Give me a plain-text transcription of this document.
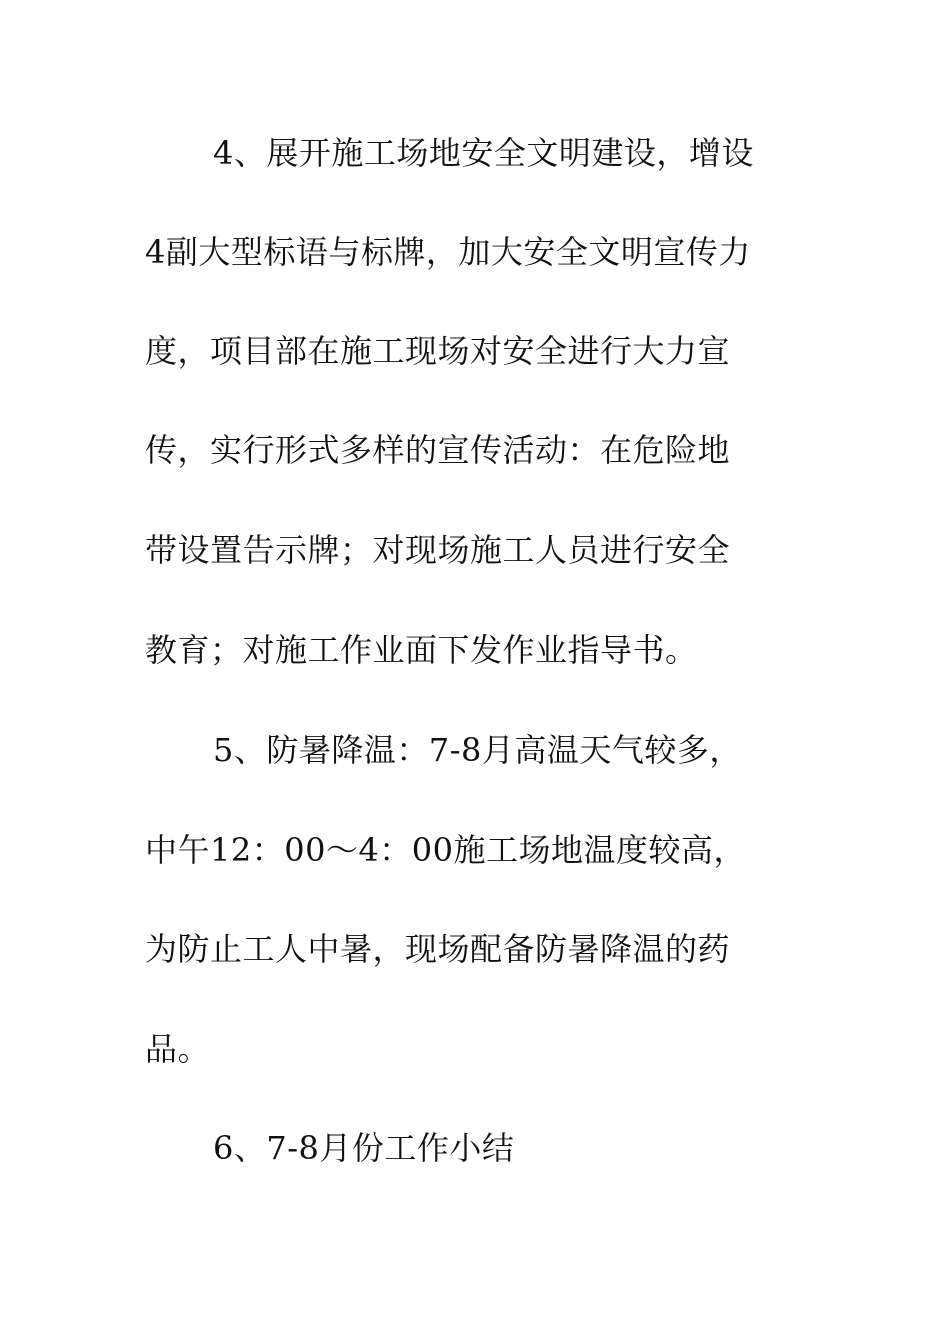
4、展开施工场地安全文明建设，增设
4副大型标语与标牌，加大安全文明宣传力
度，项目部在施工现场对安全进行大力宣
传，实行形式多样的宣传活动：在危险地
带设置告示牌；对现场施工人员进行安全
教育；对施工作业面下发作业指导书。
5、防暑降温：7-8月高温天气较多，
中午12：00～4：00施工场地温度较高，
为防止工人中暑，现场配备防暑降温的药
品。
6、7-8月份工作小结
